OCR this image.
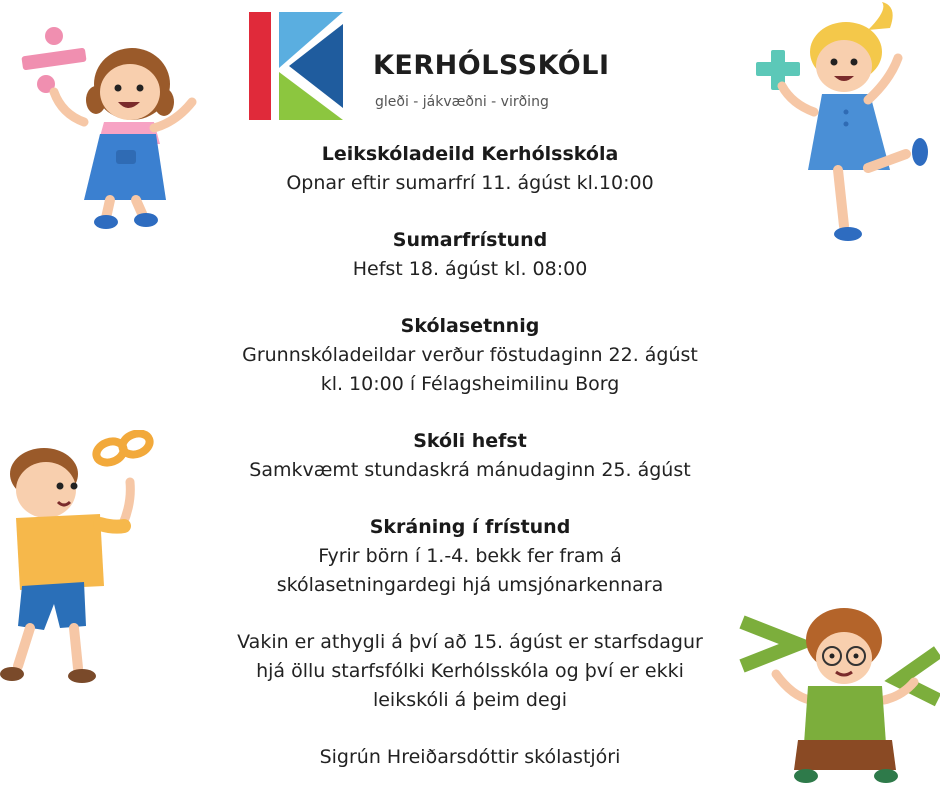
KERHÓLSSKÓLI
gleði - jákvæðni - virðing
Leikskóladeild Kerhólsskóla

Opnar eftir sumarfrí 11. ágúst kl.10:00

Sumarfrístund

Hefst 18. ágúst kl. 08:00

Skólasetnnig

Grunnskóladeildar verður föstudaginn 22. ágúst

kl. 10:00 í Félagsheimilinu Borg

Skóli hefst

Samkvæmt stundaskrá mánudaginn 25. ágúst

Skráning í frístund

Fyrir börn í 1.-4. bekk fer fram á

skólasetningardegi hjá umsjónarkennara

Vakin er athygli á því að 15. ágúst er starfsdagur

hjá öllu starfsfólki Kerhólsskóla og því er ekki

leikskóli á þeim degi

Sigrún Hreiðarsdóttir skólastjóri
